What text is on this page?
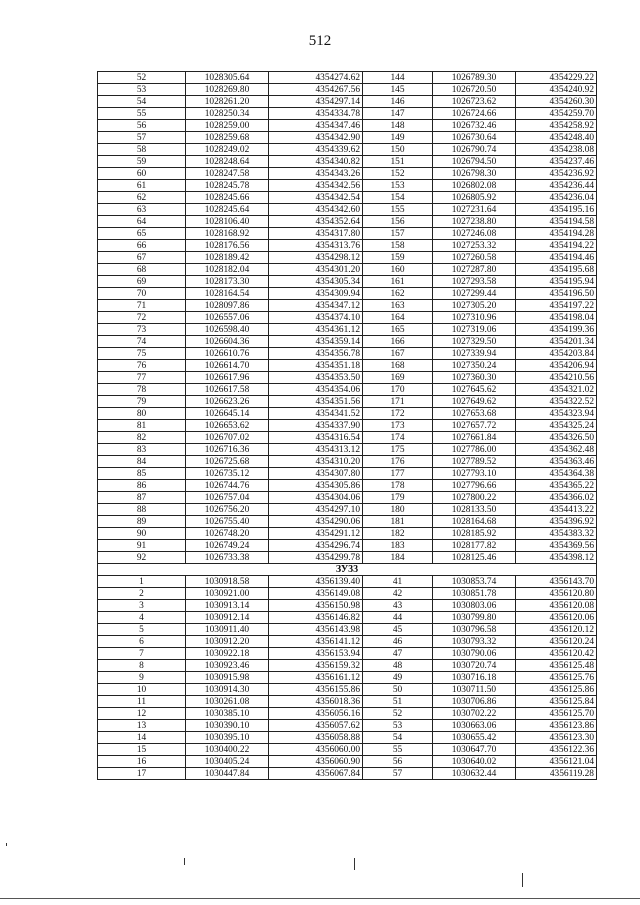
512
52	1028305.64	4354274.62	144	1026789.30	4354229.22
53	1028269.80	4354267.56	145	1026720.50	4354240.92
54	1028261.20	4354297.14	146	1026723.62	4354260.30
55	1028250.34	4354334.78	147	1026724.66	4354259.70
56	1028259.00	4354347.46	148	1026732.46	4354258.92
57	1028259.68	4354342.90	149	1026730.64	4354248.40
58	1028249.02	4354339.62	150	1026790.74	4354238.08
59	1028248.64	4354340.82	151	1026794.50	4354237.46
60	1028247.58	4354343.26	152	1026798.30	4354236.92
61	1028245.78	4354342.56	153	1026802.08	4354236.44
62	1028245.66	4354342.54	154	1026805.92	4354236.04
63	1028245.64	4354342.60	155	1027231.64	4354195.16
64	1028106.40	4354352.64	156	1027238.80	4354194.58
65	1028168.92	4354317.80	157	1027246.08	4354194.28
66	1028176.56	4354313.76	158	1027253.32	4354194.22
67	1028189.42	4354298.12	159	1027260.58	4354194.46
68	1028182.04	4354301.20	160	1027287.80	4354195.68
69	1028173.30	4354305.34	161	1027293.58	4354195.94
70	1028164.54	4354309.94	162	1027299.44	4354196.50
71	1028097.86	4354347.12	163	1027305.20	4354197.22
72	1026557.06	4354374.10	164	1027310.96	4354198.04
73	1026598.40	4354361.12	165	1027319.06	4354199.36
74	1026604.36	4354359.14	166	1027329.50	4354201.34
75	1026610.76	4354356.78	167	1027339.94	4354203.84
76	1026614.70	4354351.18	168	1027350.24	4354206.94
77	1026617.96	4354353.50	169	1027360.30	4354210.56
78	1026617.58	4354354.06	170	1027645.62	4354321.02
79	1026623.26	4354351.56	171	1027649.62	4354322.52
80	1026645.14	4354341.52	172	1027653.68	4354323.94
81	1026653.62	4354337.90	173	1027657.72	4354325.24
82	1026707.02	4354316.54	174	1027661.84	4354326.50
83	1026716.36	4354313.12	175	1027786.00	4354362.48
84	1026725.68	4354310.20	176	1027789.52	4354363.46
85	1026735.12	4354307.80	177	1027793.10	4354364.38
86	1026744.76	4354305.86	178	1027796.66	4354365.22
87	1026757.04	4354304.06	179	1027800.22	4354366.02
88	1026756.20	4354297.10	180	1028133.50	4354413.22
89	1026755.40	4354290.06	181	1028164.68	4354396.92
90	1026748.20	4354291.12	182	1028185.92	4354383.32
91	1026749.24	4354296.74	183	1028177.82	4354369.56
92	1026733.38	4354299.78	184	1028125.46	4354398.12
ЗУ33					
1	1030918.58	4356139.40	41	1030853.74	4356143.70
2	1030921.00	4356149.08	42	1030851.78	4356120.80
3	1030913.14	4356150.98	43	1030803.06	4356120.08
4	1030912.14	4356146.82	44	1030799.80	4356120.06
5	1030911.40	4356143.98	45	1030796.58	4356120.12
6	1030912.20	4356141.12	46	1030793.32	4356120.24
7	1030922.18	4356153.94	47	1030790.06	4356120.42
8	1030923.46	4356159.32	48	1030720.74	4356125.48
9	1030915.98	4356161.12	49	1030716.18	4356125.76
10	1030914.30	4356155.86	50	1030711.50	4356125.86
11	1030261.08	4356018.36	51	1030706.86	4356125.84
12	1030385.10	4356056.16	52	1030702.22	4356125.70
13	1030390.10	4356057.62	53	1030663.06	4356123.86
14	1030395.10	4356058.88	54	1030655.42	4356123.30
15	1030400.22	4356060.00	55	1030647.70	4356122.36
16	1030405.24	4356060.90	56	1030640.02	4356121.04
17	1030447.84	4356067.84	57	1030632.44	4356119.28
